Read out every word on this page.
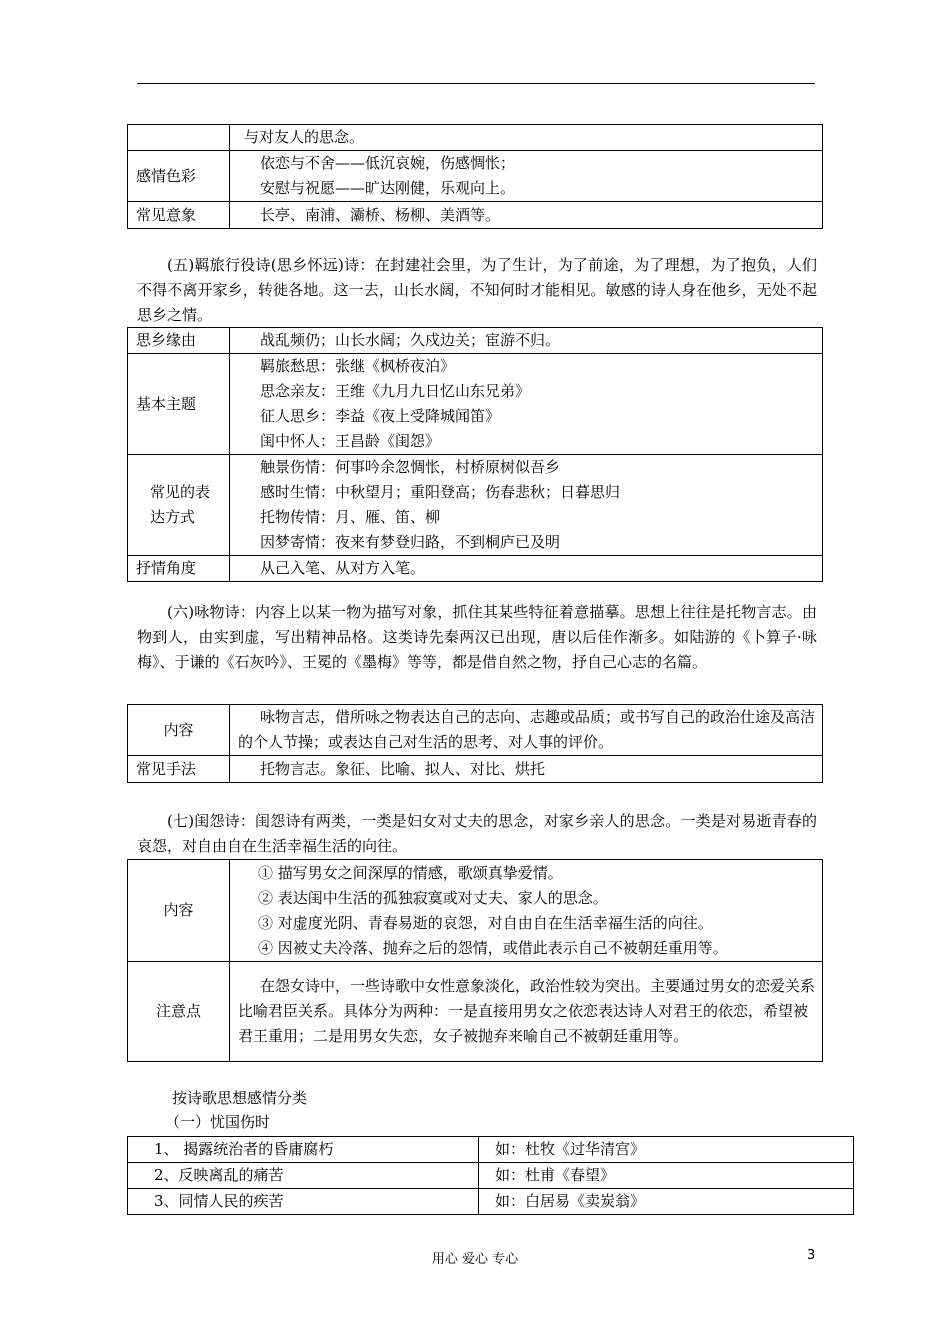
	与对友人的思念。
感情色彩	依恋与不舍——低沉哀婉，伤感惆怅；
安慰与祝愿——旷达刚健，乐观向上。

常见意象	长亭、南浦、灞桥、杨柳、美酒等。
(五)羁旅行役诗(思乡怀远)诗：在封建社会里，为了生计，为了前途，为了理想，为了抱负，人们不得不离开家乡，转徙各地。这一去，山长水阔，不知何时才能相见。敏感的诗人身在他乡，无处不起思乡之情。
思乡缘由	战乱频仍；山长水阔；久戍边关；宦游不归。
基本主题	羁旅愁思：张继《枫桥夜泊》
思念亲友：王维《九月九日忆山东兄弟》
征人思乡：李益《夜上受降城闻笛》
闺中怀人：王昌龄《闺怨》

常见的表达方式	触景伤情：何事吟余忽惆怅，村桥原树似吾乡
感时生情：中秋望月；重阳登高；伤春悲秋；日暮思归
托物传情：月、雁、笛、柳
因梦寄情：夜来有梦登归路，不到桐庐已及明

抒情角度	从己入笔、从对方入笔。
(六)咏物诗：内容上以某一物为描写对象，抓住其某些特征着意描摹。思想上往往是托物言志。由物到人，由实到虚，写出精神品格。这类诗先秦两汉已出现，唐以后佳作渐多。如陆游的《卜算子·咏梅》、于谦的《石灰吟》、王冕的《墨梅》等等，都是借自然之物，抒自己心志的名篇。
内容	咏物言志，借所咏之物表达自己的志向、志趣或品质；或书写自己的政治仕途及高洁的个人节操；或表达自己对生活的思考、对人事的评价。
常见手法	托物言志。象征、比喻、拟人、对比、烘托
(七)闺怨诗：闺怨诗有两类，一类是妇女对丈夫的思念，对家乡亲人的思念。一类是对易逝青春的哀怨，对自由自在生活幸福生活的向往。
内容	① 描写男女之间深厚的情感，歌颂真挚爱情。
② 表达闺中生活的孤独寂寞或对丈夫、家人的思念。
③ 对虚度光阴、青春易逝的哀怨，对自由自在生活幸福生活的向往。
④ 因被丈夫冷落、抛弃之后的怨情，或借此表示自己不被朝廷重用等。

注意点	在怨女诗中，一些诗歌中女性意象淡化，政治性较为突出。主要通过男女的恋爱关系比喻君臣关系。具体分为两种：一是直接用男女之依恋表达诗人对君王的依恋，希望被君王重用；二是用男女失恋，女子被抛弃来喻自己不被朝廷重用等。
按诗歌思想感情分类
（一）忧国伤时
1、 揭露统治者的昏庸腐朽	如：杜牧《过华清宫》
2、反映离乱的痛苦	如：杜甫《春望》
3、同情人民的疾苦	如：白居易《卖炭翁》
用心 爱心 专心	3
